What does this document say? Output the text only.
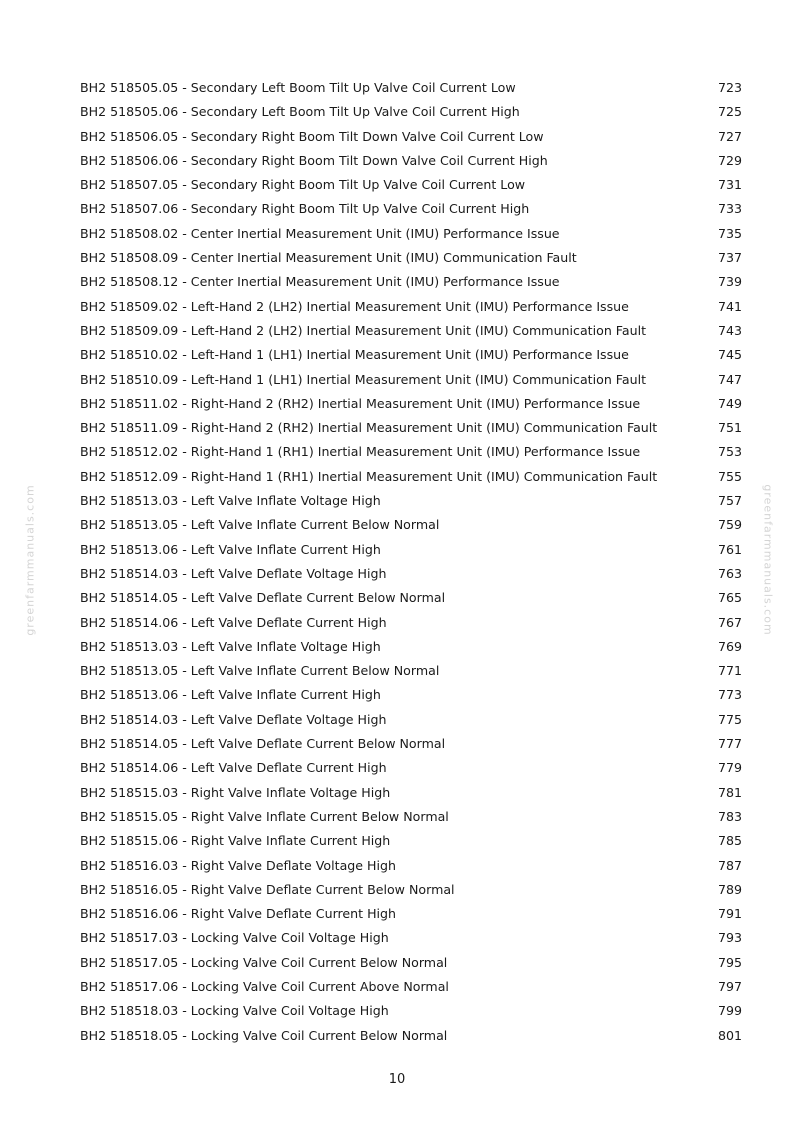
greenfarmmanuals.com	greenfarmmanuals.com
BH2 518505.05 - Secondary Left Boom Tilt Up Valve Coil Current Low	723
BH2 518505.06 - Secondary Left Boom Tilt Up Valve Coil Current High	725
BH2 518506.05 - Secondary Right Boom Tilt Down Valve Coil Current Low	727
BH2 518506.06 - Secondary Right Boom Tilt Down Valve Coil Current High	729
BH2 518507.05 - Secondary Right Boom Tilt Up Valve Coil Current Low	731
BH2 518507.06 - Secondary Right Boom Tilt Up Valve Coil Current High	733
BH2 518508.02 - Center Inertial Measurement Unit (IMU) Performance Issue	735
BH2 518508.09 - Center Inertial Measurement Unit (IMU) Communication Fault	737
BH2 518508.12 - Center Inertial Measurement Unit (IMU) Performance Issue	739
BH2 518509.02 - Left-Hand 2 (LH2) Inertial Measurement Unit (IMU) Performance Issue	741
BH2 518509.09 - Left-Hand 2 (LH2) Inertial Measurement Unit (IMU) Communication Fault	743
BH2 518510.02 - Left-Hand 1 (LH1) Inertial Measurement Unit (IMU) Performance Issue	745
BH2 518510.09 - Left-Hand 1 (LH1) Inertial Measurement Unit (IMU) Communication Fault	747
BH2 518511.02 - Right-Hand 2 (RH2) Inertial Measurement Unit (IMU) Performance Issue	749
BH2 518511.09 - Right-Hand 2 (RH2) Inertial Measurement Unit (IMU) Communication Fault	751
BH2 518512.02 - Right-Hand 1 (RH1) Inertial Measurement Unit (IMU) Performance Issue	753
BH2 518512.09 - Right-Hand 1 (RH1) Inertial Measurement Unit (IMU) Communication Fault	755
BH2 518513.03 - Left Valve Inflate Voltage High	757
BH2 518513.05 - Left Valve Inflate Current Below Normal	759
BH2 518513.06 - Left Valve Inflate Current High	761
BH2 518514.03 - Left Valve Deflate Voltage High	763
BH2 518514.05 - Left Valve Deflate Current Below Normal	765
BH2 518514.06 - Left Valve Deflate Current High	767
BH2 518513.03 - Left Valve Inflate Voltage High	769
BH2 518513.05 - Left Valve Inflate Current Below Normal	771
BH2 518513.06 - Left Valve Inflate Current High	773
BH2 518514.03 - Left Valve Deflate Voltage High	775
BH2 518514.05 - Left Valve Deflate Current Below Normal	777
BH2 518514.06 - Left Valve Deflate Current High	779
BH2 518515.03 - Right Valve Inflate Voltage High	781
BH2 518515.05 - Right Valve Inflate Current Below Normal	783
BH2 518515.06 - Right Valve Inflate Current High	785
BH2 518516.03 - Right Valve Deflate Voltage High	787
BH2 518516.05 - Right Valve Deflate Current Below Normal	789
BH2 518516.06 - Right Valve Deflate Current High	791
BH2 518517.03 - Locking Valve Coil Voltage High	793
BH2 518517.05 - Locking Valve Coil Current Below Normal	795
BH2 518517.06 - Locking Valve Coil Current Above Normal	797
BH2 518518.03 - Locking Valve Coil Voltage High	799
BH2 518518.05 - Locking Valve Coil Current Below Normal	801
10
